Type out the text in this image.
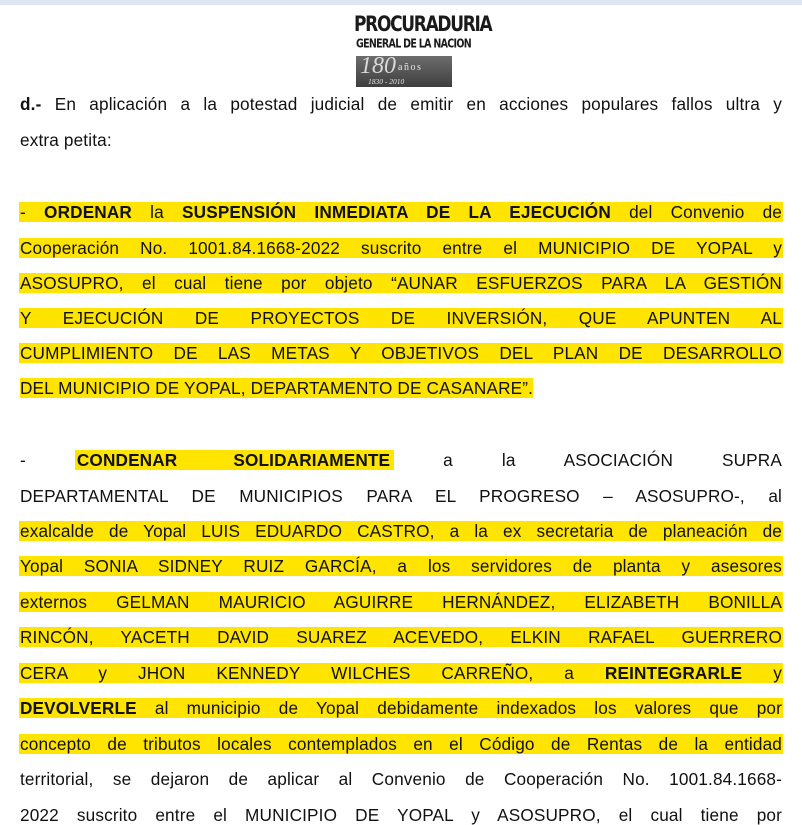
PROCURADURIA
GENERAL DE LA NACION
180 años
1830 - 2010
d.- En aplicación a la potestad judicial de emitir en acciones populares fallos ultra y
extra petita:
- ORDENAR la SUSPENSIÓN INMEDIATA DE LA EJECUCIÓN del Convenio de
Cooperación No. 1001.84.1668-2022 suscrito entre el MUNICIPIO DE YOPAL y
ASOSUPRO, el cual tiene por objeto “AUNAR ESFUERZOS PARA LA GESTIÓN
Y EJECUCIÓN DE PROYECTOS DE INVERSIÓN, QUE APUNTEN AL
CUMPLIMIENTO DE LAS METAS Y OBJETIVOS DEL PLAN DE DESARROLLO
DEL MUNICIPIO DE YOPAL, DEPARTAMENTO DE CASANARE”.
-	CONDENAR	SOLIDARIAMENTE	a	la	ASOCIACIÓN	SUPRA
DEPARTAMENTAL DE MUNICIPIOS PARA EL PROGRESO – ASOSUPRO-, al
exalcalde de Yopal LUIS EDUARDO CASTRO, a la ex secretaria de planeación de
Yopal SONIA SIDNEY RUIZ GARCÍA, a los servidores de planta y asesores
externos GELMAN MAURICIO AGUIRRE HERNÁNDEZ, ELIZABETH BONILLA
RINCÓN, YACETH DAVID SUAREZ ACEVEDO, ELKIN RAFAEL GUERRERO
CERA y JHON KENNEDY WILCHES CARREÑO, a REINTEGRARLE y
DEVOLVERLE al municipio de Yopal debidamente indexados los valores que por
concepto de tributos locales contemplados en el Código de Rentas de la entidad
territorial, se dejaron de aplicar al Convenio de Cooperación No. 1001.84.1668-
2022 suscrito entre el MUNICIPIO DE YOPAL y ASOSUPRO, el cual tiene por
